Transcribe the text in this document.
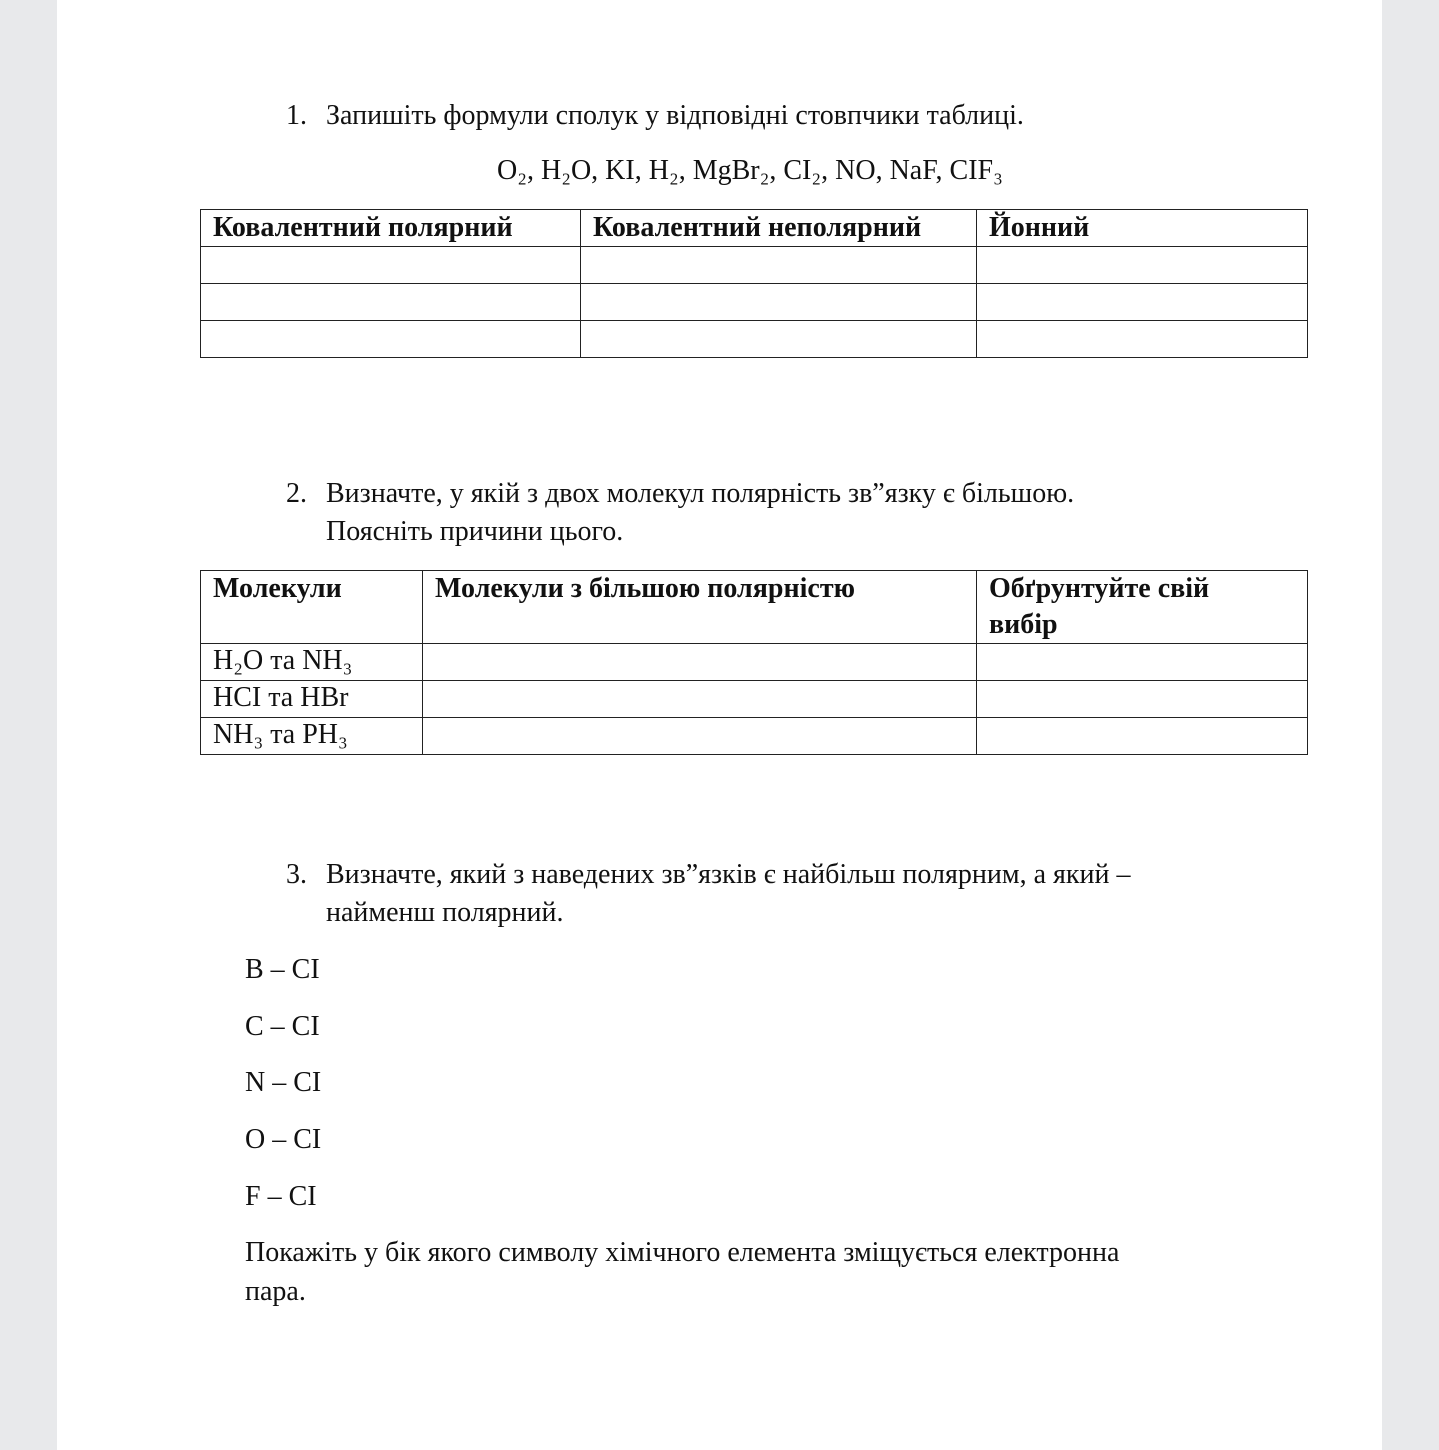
1. Запишіть формули сполук у відповідні стовпчики таблиці.
O₂, H₂O, KI, H₂, MgBr₂, CI₂, NO, NaF, CIF₃
Ковалентний полярний	Ковалентний неполярний	Йонний

2. Визначте, у якій з двох молекул полярність зв”язку є більшою.
Поясніть причини цього.
Молекули	Молекули з більшою полярністю	Обґрунтуйте свій
вибір
H₂O та NH₃		
HCI та HBr		
NH₃ та PH₃		
3. Визначте, який з наведених зв”язків є найбільш полярним, а який –
найменш полярний.
B – CI
C – CI
N – CI
O – CI
F – CI
Покажіть у бік якого символу хімічного елемента зміщується електронна
пара.
